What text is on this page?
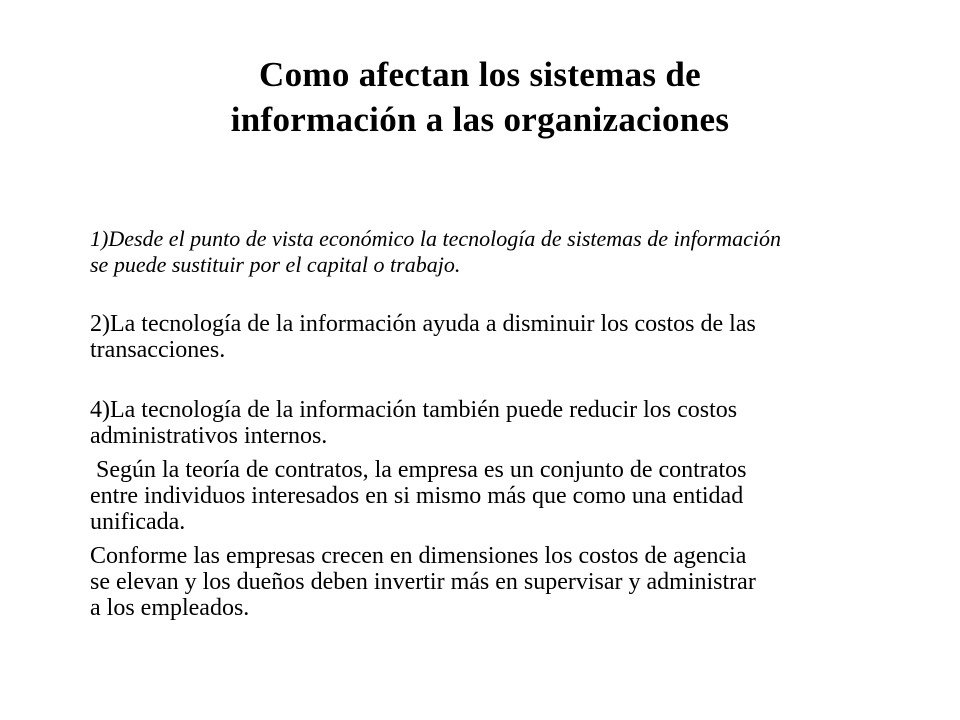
Como afectan los sistemas de
información a las organizaciones

1)Desde el punto de vista económico la tecnología de sistemas de información
se puede sustituir por el capital o trabajo.

2)La tecnología de la información ayuda a disminuir los costos de las
transacciones.

4)La tecnología de la información también puede reducir los costos
administrativos internos.

Según la teoría de contratos, la empresa es un conjunto de contratos
entre individuos interesados en si mismo más que como una entidad
unificada.

Conforme las empresas crecen en dimensiones los costos de agencia
se elevan y los dueños deben invertir más en supervisar y administrar
a los empleados.
